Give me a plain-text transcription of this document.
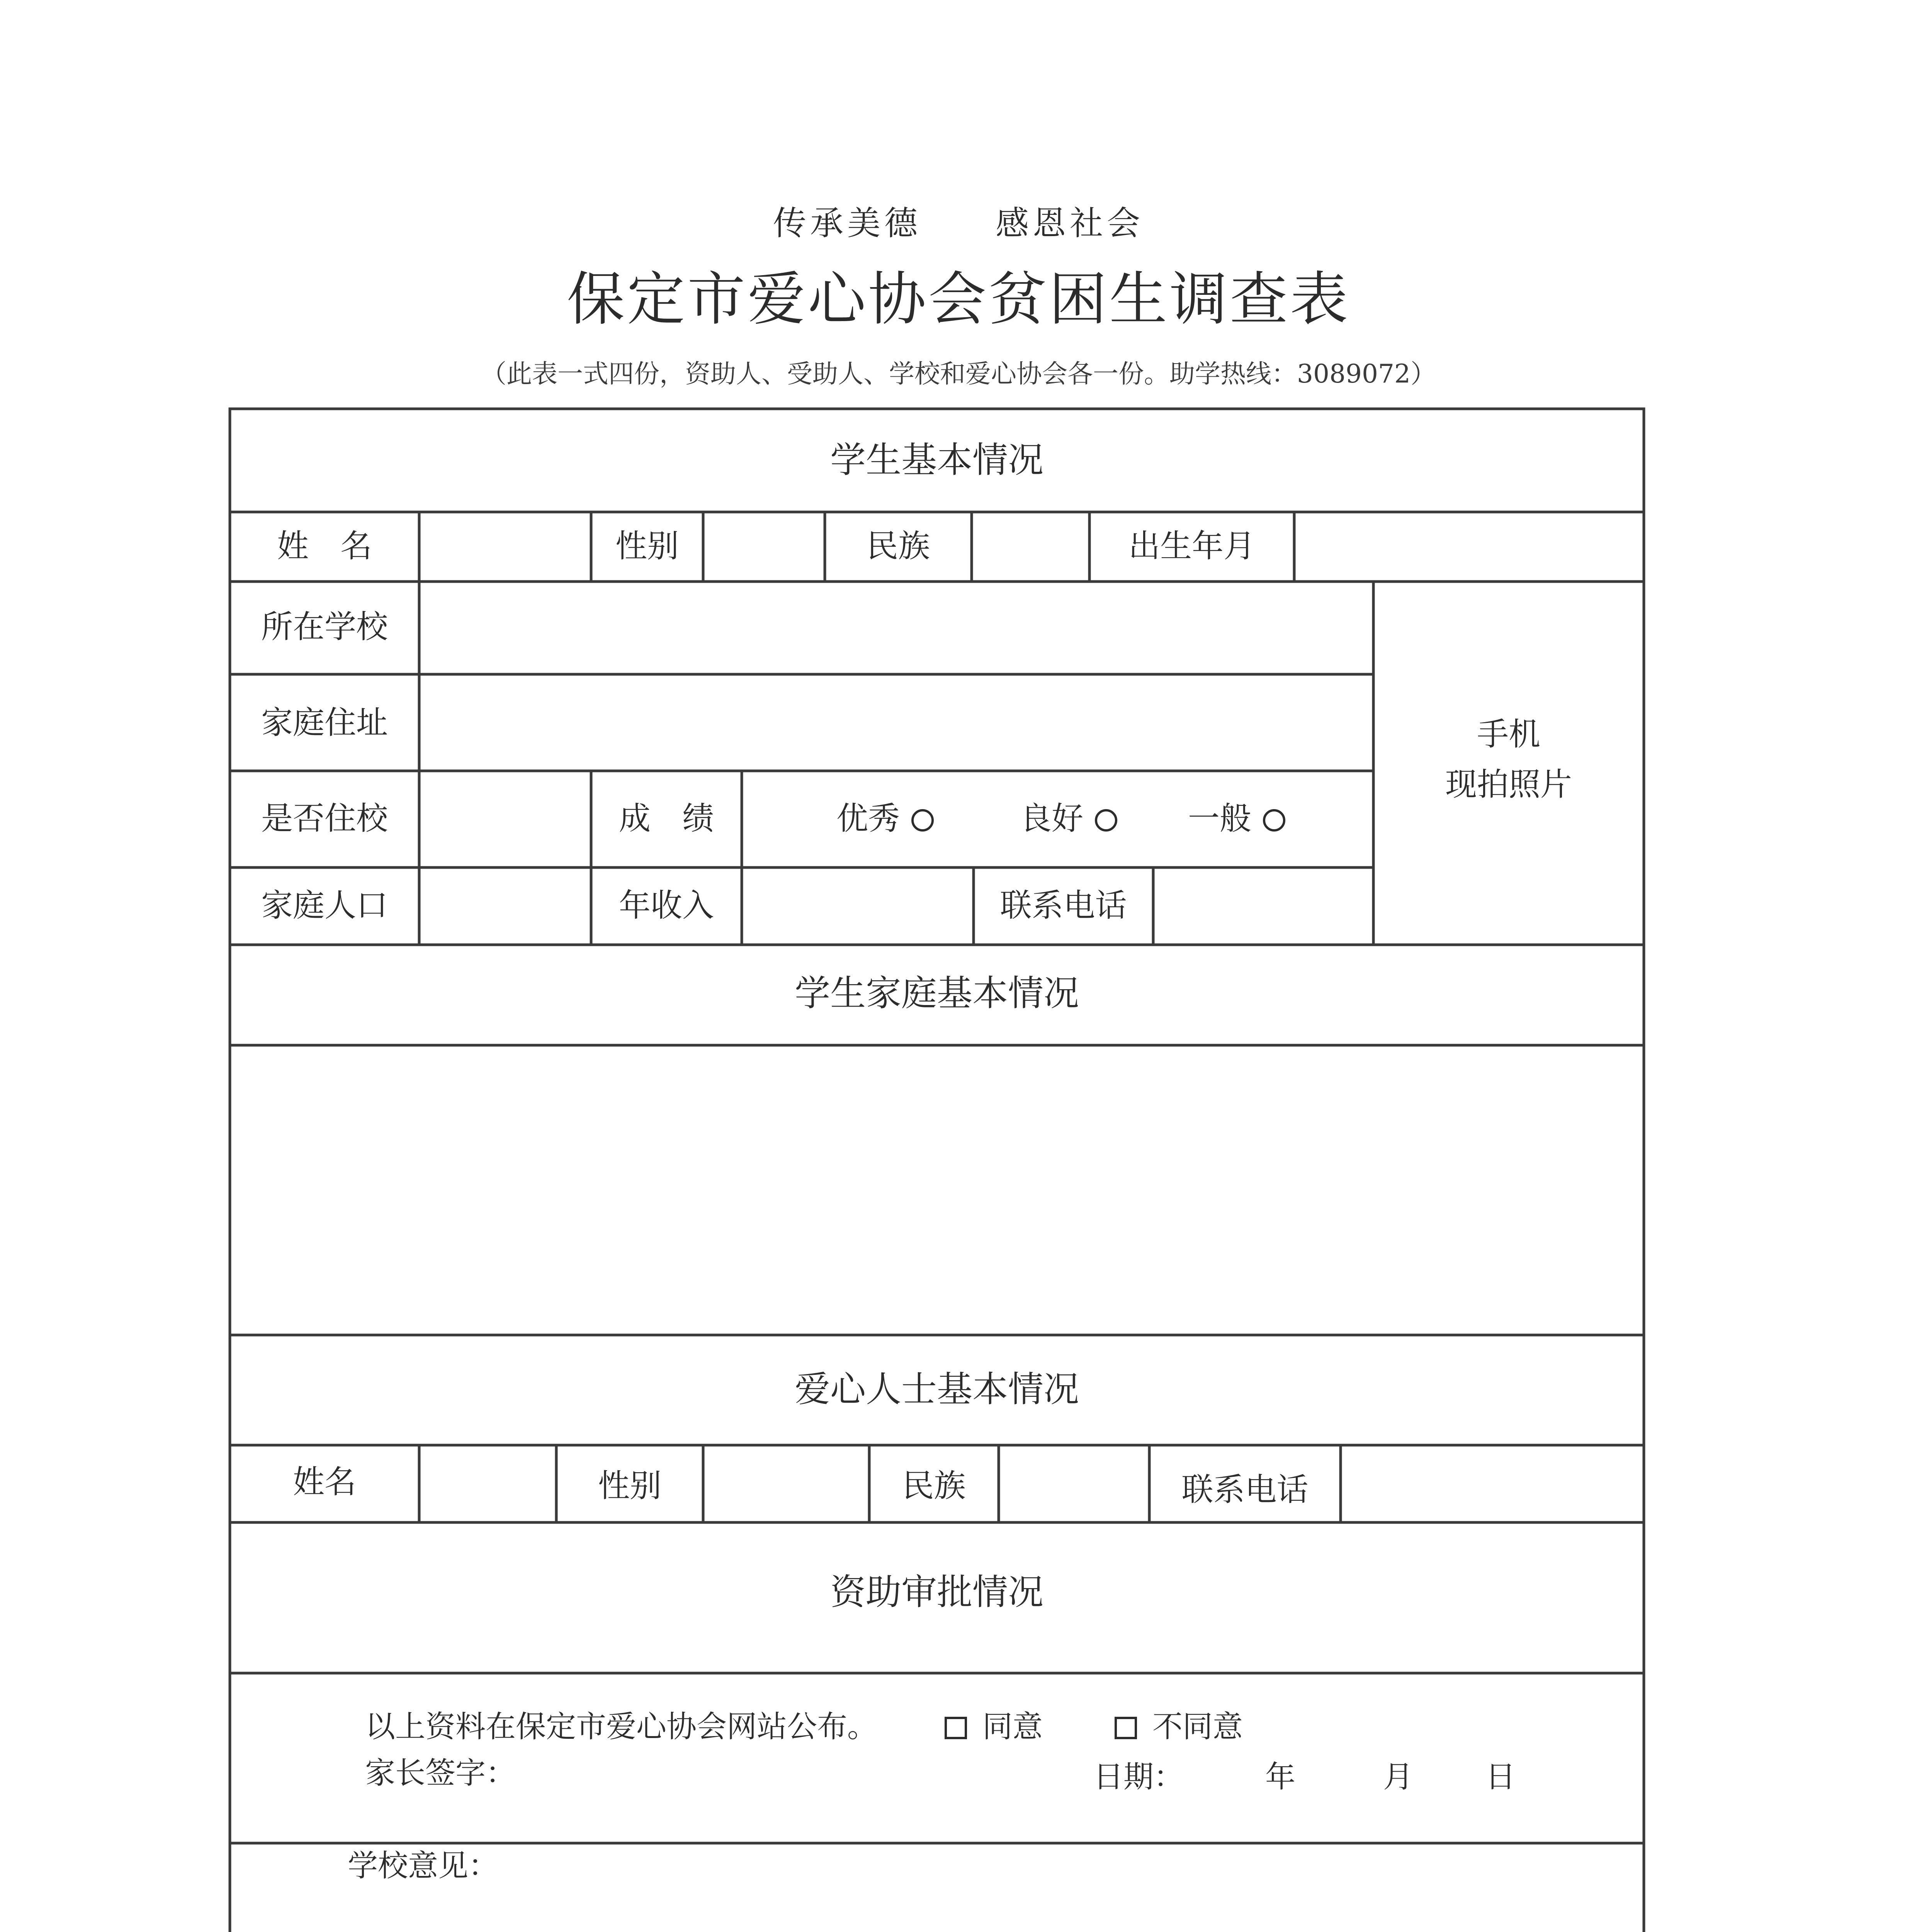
传承美德　　感恩社会
保定市爱心协会贫困生调查表
（此表一式四份，资助人、受助人、学校和爱心协会各一份。助学热线：3089072）
学生基本情况
姓　名	性别	民族	出生年月
所在学校
家庭住址
是否住校	成　绩	优秀	良好	一般
家庭人口	年收入	联系电话
手机
现拍照片
学生家庭基本情况
爱心人士基本情况
姓名	性别	民族	联系电话
资助审批情况
以上资料在保定市爱心协会网站公布。	同意	不同意
家长签字：	日期：	年	月 日
学校意见：
